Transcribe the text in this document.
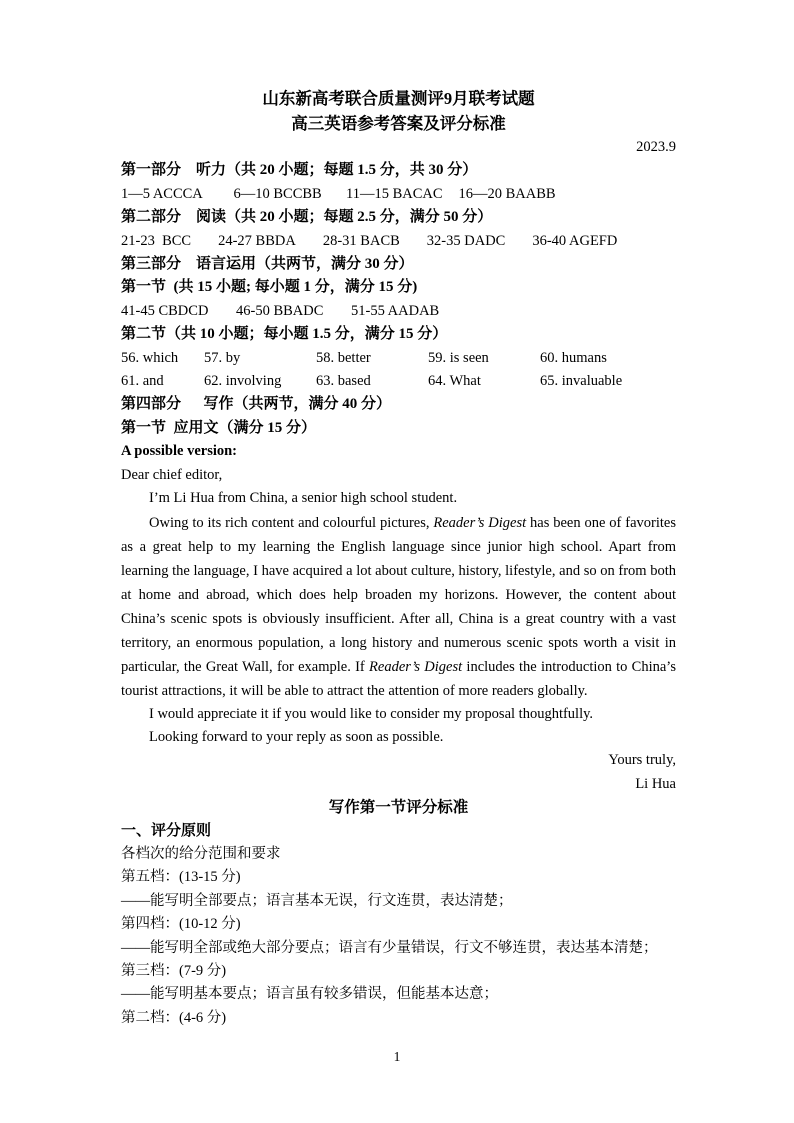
山东新高考联合质量测评9月联考试题
高三英语参考答案及评分标准
2023.9
第一部分　听力（共 20 小题；每题 1.5 分，共 30 分）
1—5 ACCCA	6—10 BCCBB	11—15 BACAC	16—20 BAABB
第二部分　阅读（共 20 小题；每题 2.5 分，满分 50 分）
21-23  BCC 24-27 BBDA 28-31 BACB 32-35 DADC 36-40 AGEFD
第三部分　语言运用（共两节，满分 30 分）
第一节  (共 15 小题; 每小题 1 分，满分 15 分)
41-45 CBDCD	46-50 BBADC	51-55 AADAB
第二节（共 10 小题；每小题 1.5 分，满分 15 分）
56. which	57. by	58. better	59. is seen	60. humans
61. and	62. involving	63. based	64. What	65. invaluable
第四部分　  写作（共两节，满分 40 分）
第一节  应用文（满分 15 分）
A possible version:
Dear chief editor,
I’m Li Hua from China, a senior high school student.
Owing to its rich content and colourful pictures, Reader’s Digest has been one of favorites as a great help to my learning the English language since junior high school. Apart from learning the language, I have acquired a lot about culture, history, lifestyle, and so on from both at home and abroad, which does help broaden my horizons. However, the content about China’s scenic spots is obviously insufficient. After all, China is a great country with a vast territory, an enormous population, a long history and numerous scenic spots worth a visit in particular, the Great Wall, for example. If Reader’s Digest includes the introduction to China’s tourist attractions, it will be able to attract the attention of more readers globally.
I would appreciate it if you would like to consider my proposal thoughtfully.
Looking forward to your reply as soon as possible.
Yours truly,
Li Hua
写作第一节评分标准
一、评分原则
各档次的给分范围和要求
第五档：(13-15 分)
——能写明全部要点；语言基本无误，行文连贯，表达清楚；
第四档：(10-12 分)
——能写明全部或绝大部分要点；语言有少量错误，行文不够连贯，表达基本清楚；
第三档：(7-9 分)
——能写明基本要点；语言虽有较多错误，但能基本达意；
第二档：(4-6 分)
1
